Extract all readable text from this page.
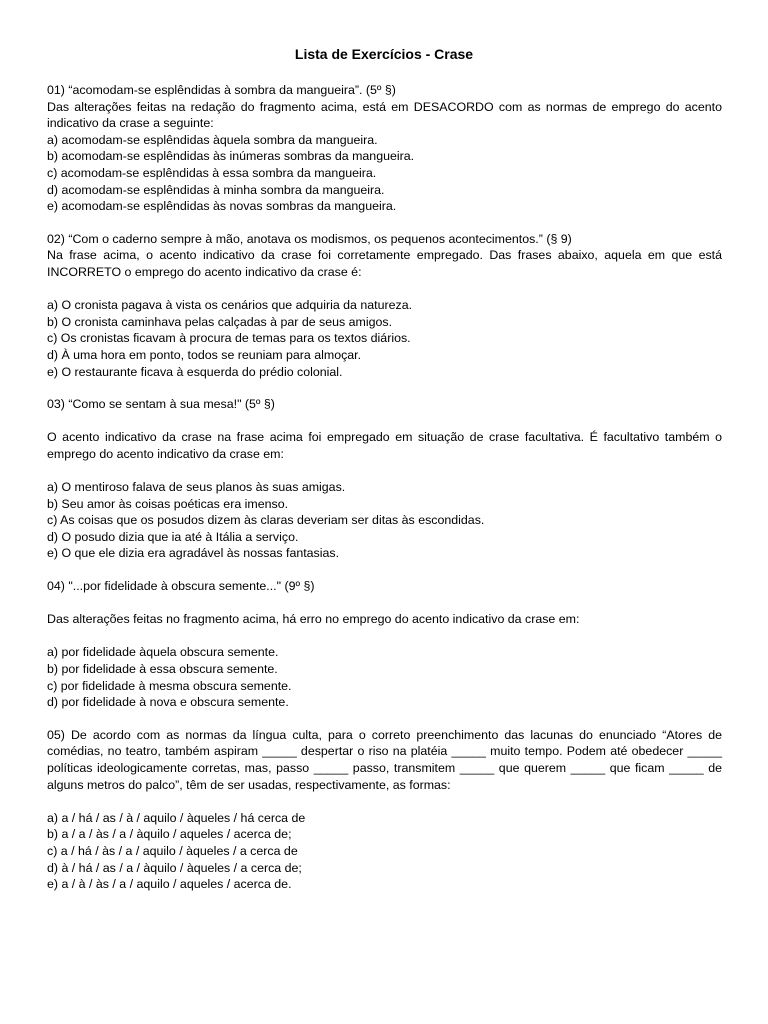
Lista de Exercícios - Crase

01) “acomodam-se esplêndidas à sombra da mangueira”. (5º §)

Das alterações feitas na redação do fragmento acima, está em DESACORDO com as normas de emprego do acento indicativo da crase a seguinte:

a) acomodam-se esplêndidas àquela sombra da mangueira.
b) acomodam-se esplêndidas às inúmeras sombras da mangueira.
c) acomodam-se esplêndidas à essa sombra da mangueira.
d) acomodam-se esplêndidas à minha sombra da mangueira.
e) acomodam-se esplêndidas às novas sombras da mangueira.

02) “Com o caderno sempre à mão, anotava os modismos, os pequenos acontecimentos.” (§ 9)

Na frase acima, o acento indicativo da crase foi corretamente empregado. Das frases abaixo, aquela em que está INCORRETO o emprego do acento indicativo da crase é:

a) O cronista pagava à vista os cenários que adquiria da natureza.
b) O cronista caminhava pelas calçadas à par de seus amigos.
c) Os cronistas ficavam à procura de temas para os textos diários.
d) À uma hora em ponto, todos se reuniam para almoçar.
e) O restaurante ficava à esquerda do prédio colonial.

03) “Como se sentam à sua mesa!" (5º §)

O acento indicativo da crase na frase acima foi empregado em situação de crase facultativa. É facultativo também o emprego do acento indicativo da crase em:

a) O mentiroso falava de seus planos às suas amigas.
b) Seu amor às coisas poéticas era imenso.
c) As coisas que os posudos dizem às claras deveriam ser ditas às escondidas.
d) O posudo dizia que ia até à Itália a serviço.
e) O que ele dizia era agradável às nossas fantasias.

04) "...por fidelidade à obscura semente..." (9º §)

Das alterações feitas no fragmento acima, há erro no emprego do acento indicativo da crase em:

a) por fidelidade àquela obscura semente.
b) por fidelidade à essa obscura semente.
c) por fidelidade à mesma obscura semente.
d) por fidelidade à nova e obscura semente.

05) De acordo com as normas da língua culta, para o correto preenchimento das lacunas do enunciado “Atores de comédias, no teatro, também aspiram _____ despertar o riso na platéia _____ muito tempo. Podem até obedecer _____ políticas ideologicamente corretas, mas, passo _____ passo, transmitem _____ que querem _____ que ficam _____ de alguns metros do palco”, têm de ser usadas, respectivamente, as formas:

a) a / há / as / à / aquilo / àqueles / há cerca de
b) a / a / às / a / àquilo / aqueles / acerca de;
c) a / há / às / a / aquilo / àqueles / a cerca de
d) à / há / as / a / àquilo / àqueles / a cerca de;
e) a / à / às / a / aquilo / aqueles / acerca de.
